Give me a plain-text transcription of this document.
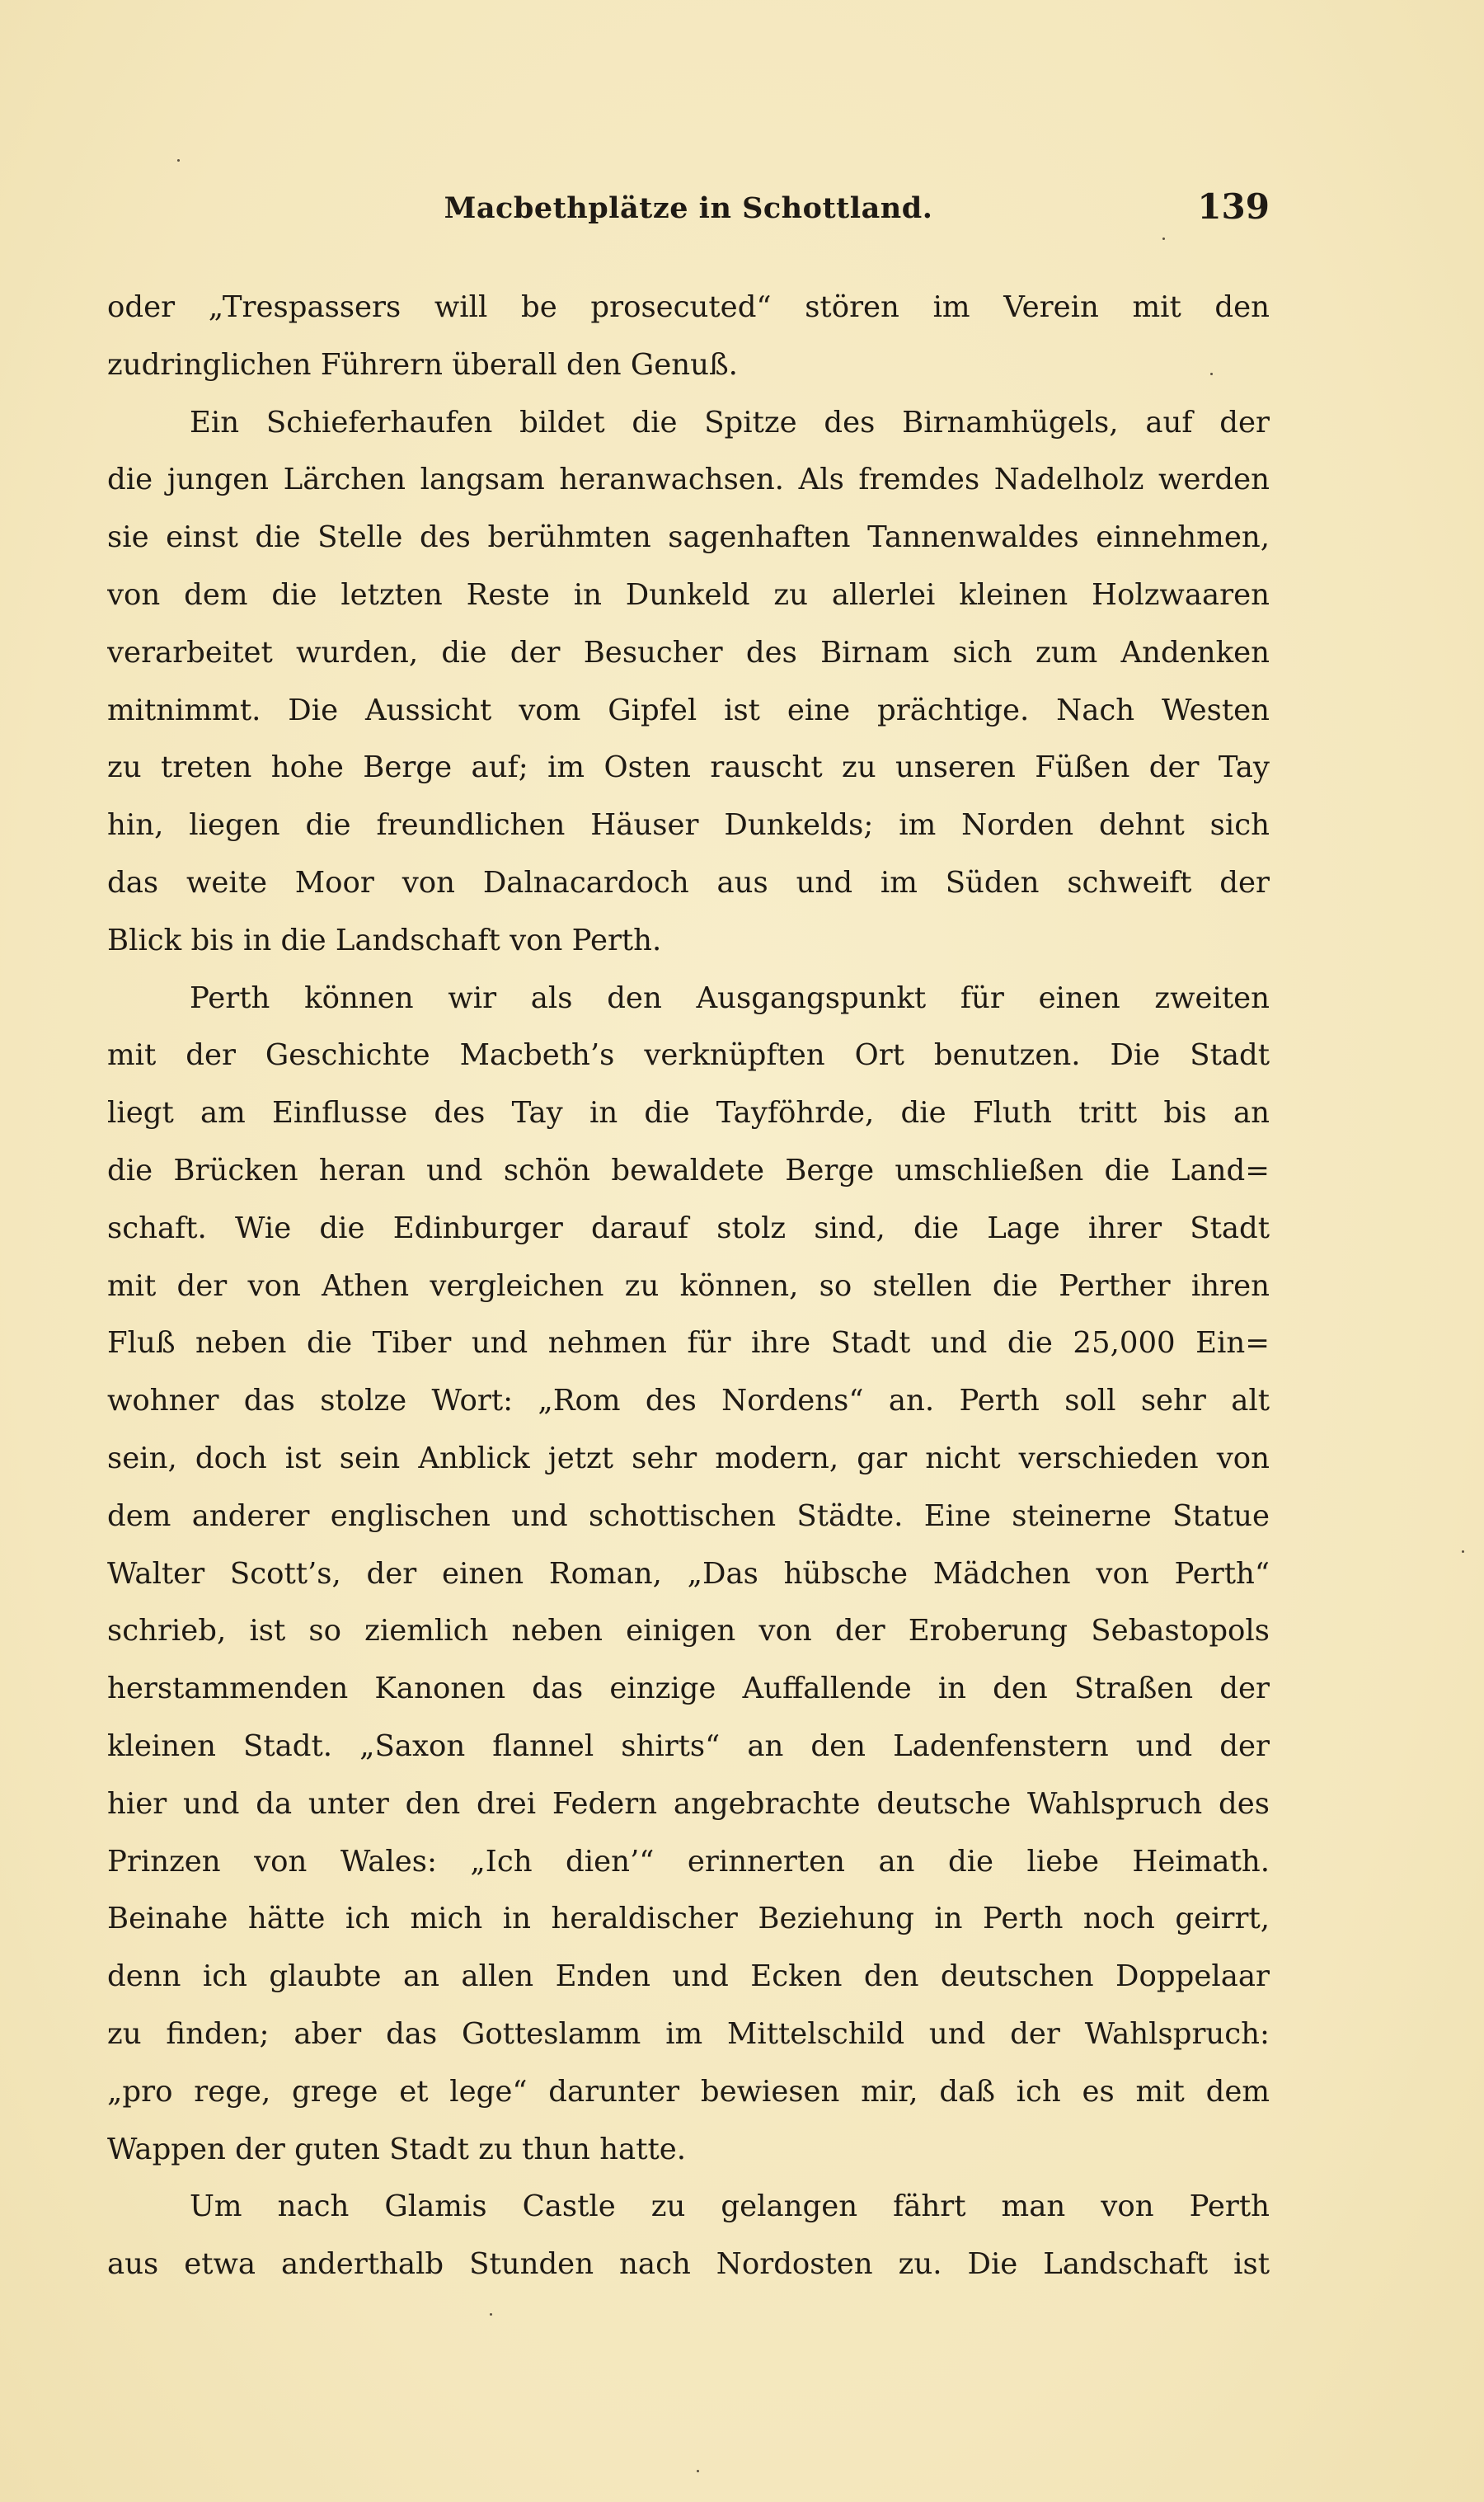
Macbethplätze in Schottland.	139
oder „Trespassers will be prosecuted“ stören im Verein mit den
zudringlichen Führern überall den Genuß.
Ein Schieferhaufen bildet die Spitze des Birnamhügels, auf der
die jungen Lärchen langsam heranwachsen. Als fremdes Nadelholz werden
sie einst die Stelle des berühmten sagenhaften Tannenwaldes einnehmen,
von dem die letzten Reste in Dunkeld zu allerlei kleinen Holzwaaren
verarbeitet wurden, die der Besucher des Birnam sich zum Andenken
mitnimmt. Die Aussicht vom Gipfel ist eine prächtige. Nach Westen
zu treten hohe Berge auf; im Osten rauscht zu unseren Füßen der Tay
hin, liegen die freundlichen Häuser Dunkelds; im Norden dehnt sich
das weite Moor von Dalnacardoch aus und im Süden schweift der
Blick bis in die Landschaft von Perth.
Perth können wir als den Ausgangspunkt für einen zweiten
mit der Geschichte Macbeth’s verknüpften Ort benutzen. Die Stadt
liegt am Einflusse des Tay in die Tayföhrde, die Fluth tritt bis an
die Brücken heran und schön bewaldete Berge umschließen die Land=
schaft. Wie die Edinburger darauf stolz sind, die Lage ihrer Stadt
mit der von Athen vergleichen zu können, so stellen die Perther ihren
Fluß neben die Tiber und nehmen für ihre Stadt und die 25,000 Ein=
wohner das stolze Wort: „Rom des Nordens“ an. Perth soll sehr alt
sein, doch ist sein Anblick jetzt sehr modern, gar nicht verschieden von
dem anderer englischen und schottischen Städte. Eine steinerne Statue
Walter Scott’s, der einen Roman, „Das hübsche Mädchen von Perth“
schrieb, ist so ziemlich neben einigen von der Eroberung Sebastopols
herstammenden Kanonen das einzige Auffallende in den Straßen der
kleinen Stadt. „Saxon flannel shirts“ an den Ladenfenstern und der
hier und da unter den drei Federn angebrachte deutsche Wahlspruch des
Prinzen von Wales: „Ich dien’“ erinnerten an die liebe Heimath.
Beinahe hätte ich mich in heraldischer Beziehung in Perth noch geirrt,
denn ich glaubte an allen Enden und Ecken den deutschen Doppelaar
zu finden; aber das Gotteslamm im Mittelschild und der Wahlspruch:
„pro rege, grege et lege“ darunter bewiesen mir, daß ich es mit dem
Wappen der guten Stadt zu thun hatte.
Um nach Glamis Castle zu gelangen fährt man von Perth
aus etwa anderthalb Stunden nach Nordosten zu. Die Landschaft ist
